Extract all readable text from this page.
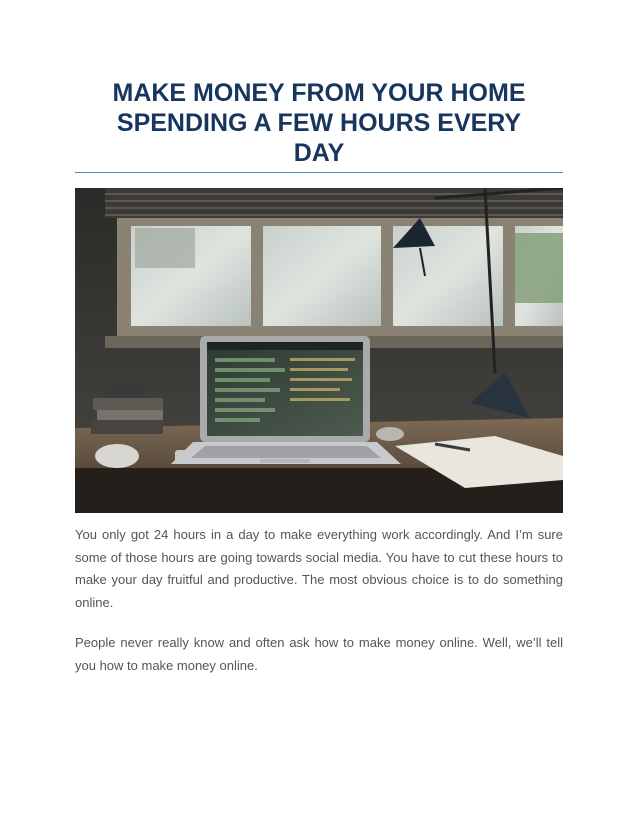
MAKE MONEY FROM YOUR HOME
SPENDING A FEW HOURS EVERY
DAY

You only got 24 hours in a day to make everything work accordingly. And I’m sure some of those hours are going towards social media. You have to cut these hours to make your day fruitful and productive. The most obvious choice is to do something online.

People never really know and often ask how to make money online. Well, we’ll tell you how to make money online.
